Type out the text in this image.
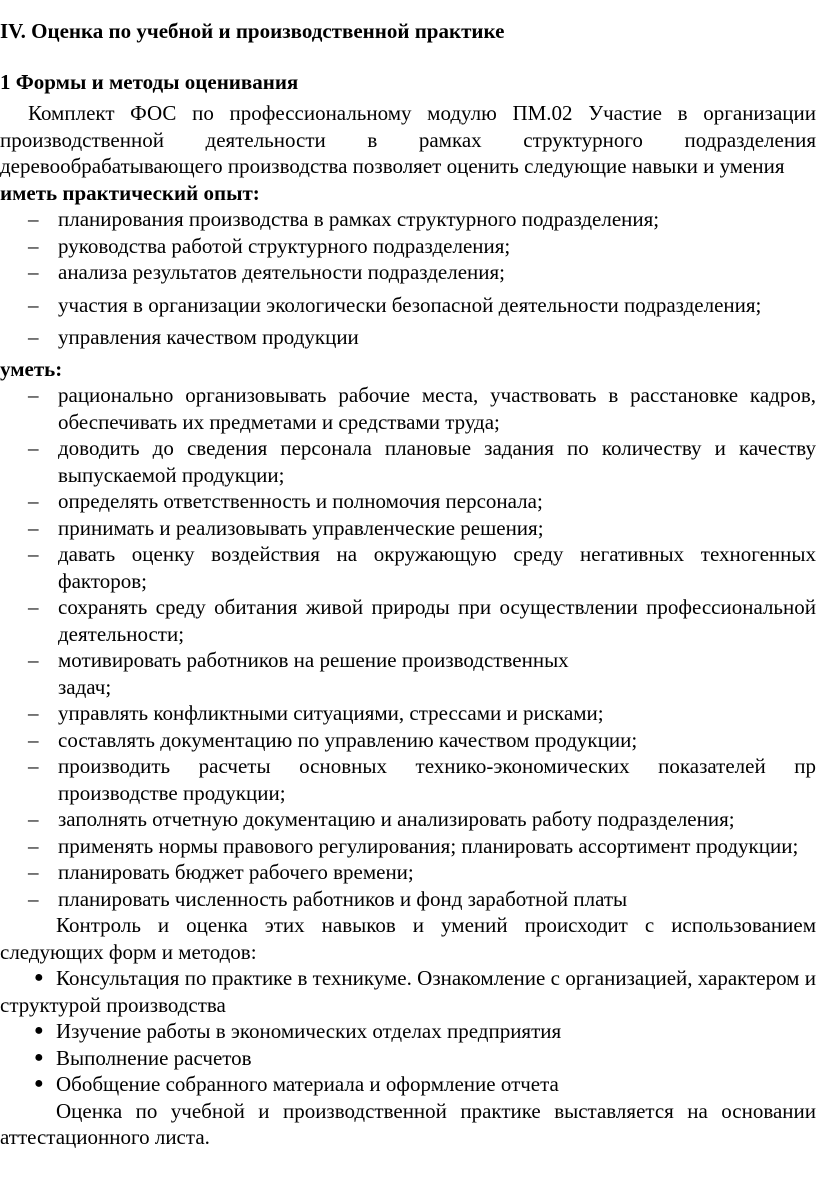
IV. Оценка по учебной и производственной практике

1 Формы и методы оценивания

Комплект ФОС по профессиональному модулю ПМ.02 Участие в организации производственной деятельности в рамках структурного подразделения деревообрабатывающего производства позволяет оценить следующие навыки и умения

иметь практический опыт:

– планирования производства в рамках структурного подразделения;
– руководства работой структурного подразделения;
– анализа результатов деятельности подразделения;
– участия в организации экологически безопасной деятельности подразделения;
– управления качеством продукции

уметь:

– рационально организовывать рабочие места, участвовать в расстановке кадров, обеспечивать их предметами и средствами труда;
– доводить до сведения персонала плановые задания по количеству и качеству выпускаемой продукции;
– определять ответственность и полномочия персонала;
– принимать и реализовывать управленческие решения;
– давать оценку воздействия на окружающую среду негативных техногенных факторов;
– сохранять среду обитания живой природы при осуществлении профессиональной деятельности;
– мотивировать работников на решение производственных задач;
– управлять конфликтными ситуациями, стрессами и рисками;
– составлять документацию по управлению качеством продукции;
– производить расчеты основных технико-экономических показателей пр производстве продукции;
– заполнять отчетную документацию и анализировать работу подразделения;
– применять нормы правового регулирования; планировать ассортимент продукции;
– планировать бюджет рабочего времени;
– планировать численность работников и фонд заработной платы

Контроль и оценка этих навыков и умений происходит с использованием следующих форм и методов:

● Консультация по практике в техникуме. Ознакомление с организацией, характером и структурой производства
● Изучение работы в экономических отделах предприятия
● Выполнение расчетов
● Обобщение собранного материала и оформление отчета

Оценка по учебной и производственной практике выставляется на основании аттестационного листа.
